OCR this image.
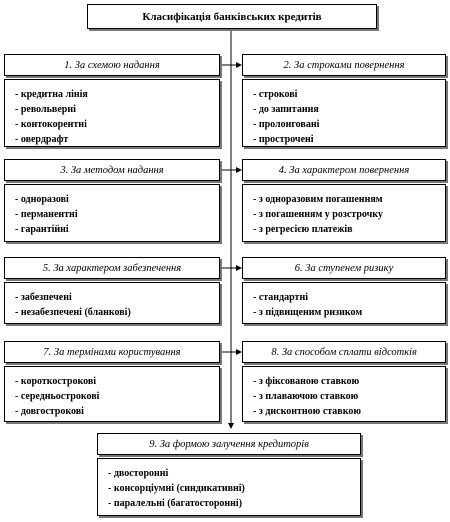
Класифікація банківських кредитів
1. За схемою надання
- кредитна лінія
- револьверні
- контокорентні
- овердрафт
2. За строками повернення
- строкові
- до запитання
- пролонговані
- прострочені
3. За методом надання
- одноразові
- перманентні
- гарантійні
4. За характером повернення
- з одноразовим погашенням
- з погашенням у розстрочку
- з регресією платежів
5. За характером забезпечення
- забезпечені
- незабезпечені (бланкові)
6. За ступенем ризику
- стандартні
- з підвищеним ризиком
7. За термінами користування
- короткострокові
- середньострокові
- довгострокові
8. За способом сплати відсотків
- з фіксованою ставкою
- з плаваючою ставкою
- з дисконтною ставкою
9. За формою залучення кредиторів
- двосторонні
- консорціумні (синдикативні)
- паралельні (багатосторонні)
